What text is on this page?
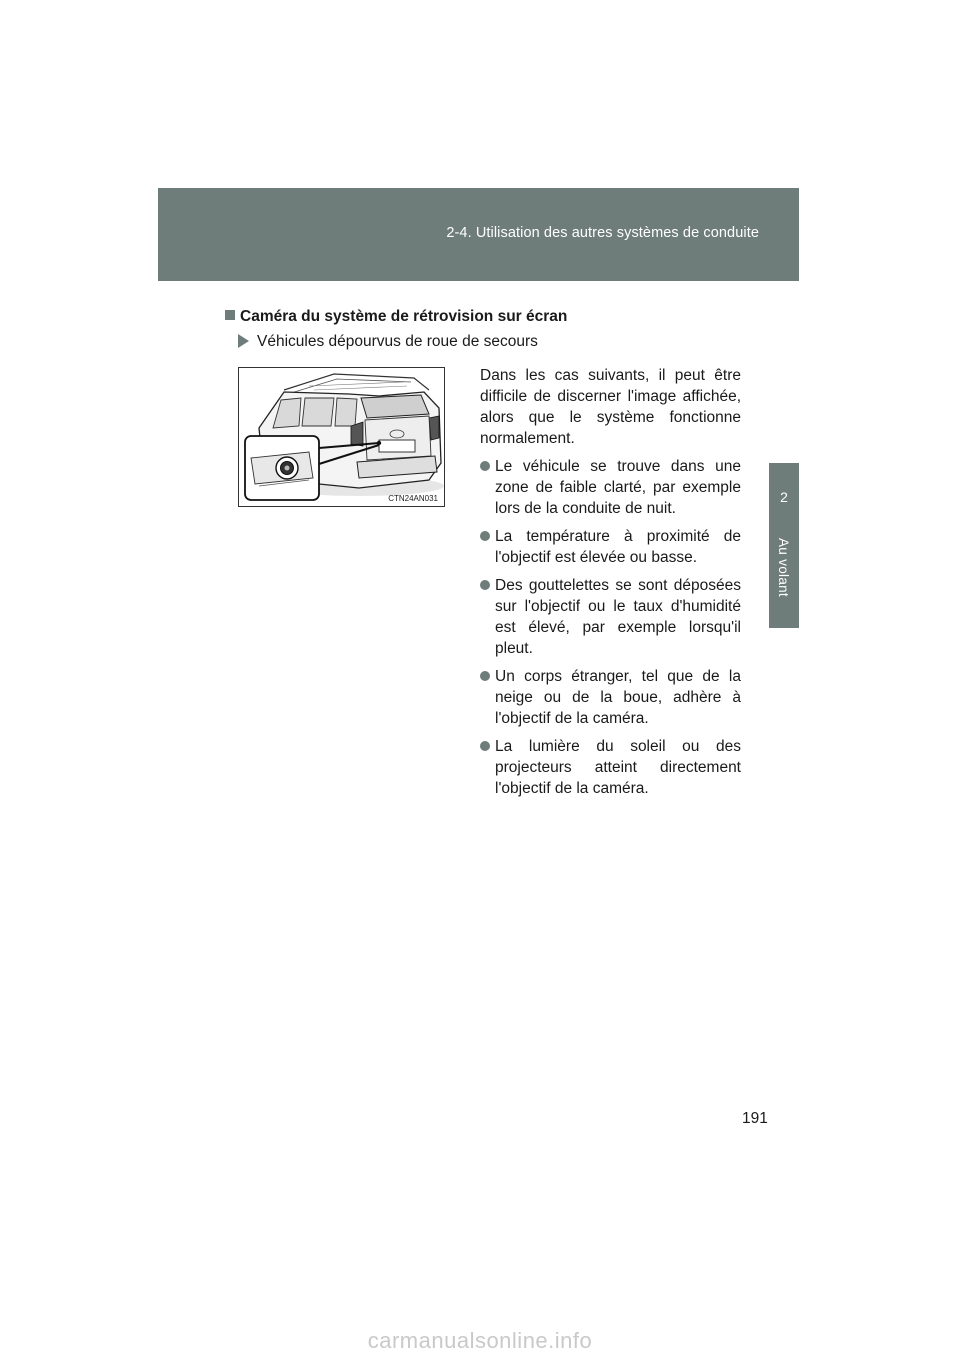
2-4. Utilisation des autres systèmes de conduite
2
Au volant
Caméra du système de rétrovision sur écran
Véhicules dépourvus de roue de secours
CTN24AN031

Dans les cas suivants, il peut être difficile de discerner l'image affichée, alors que le système fonctionne normalement.

Le véhicule se trouve dans une zone de faible clarté, par exemple lors de la conduite de nuit.
La température à proximité de l'objectif est élevée ou basse.
Des gouttelettes se sont déposées sur l'objectif ou le taux d'humidité est élevé, par exemple lorsqu'il pleut.
Un corps étranger, tel que de la neige ou de la boue, adhère à l'objectif de la caméra.
La lumière du soleil ou des projecteurs atteint directement l'objectif de la caméra.
191
carmanualsonline.info
